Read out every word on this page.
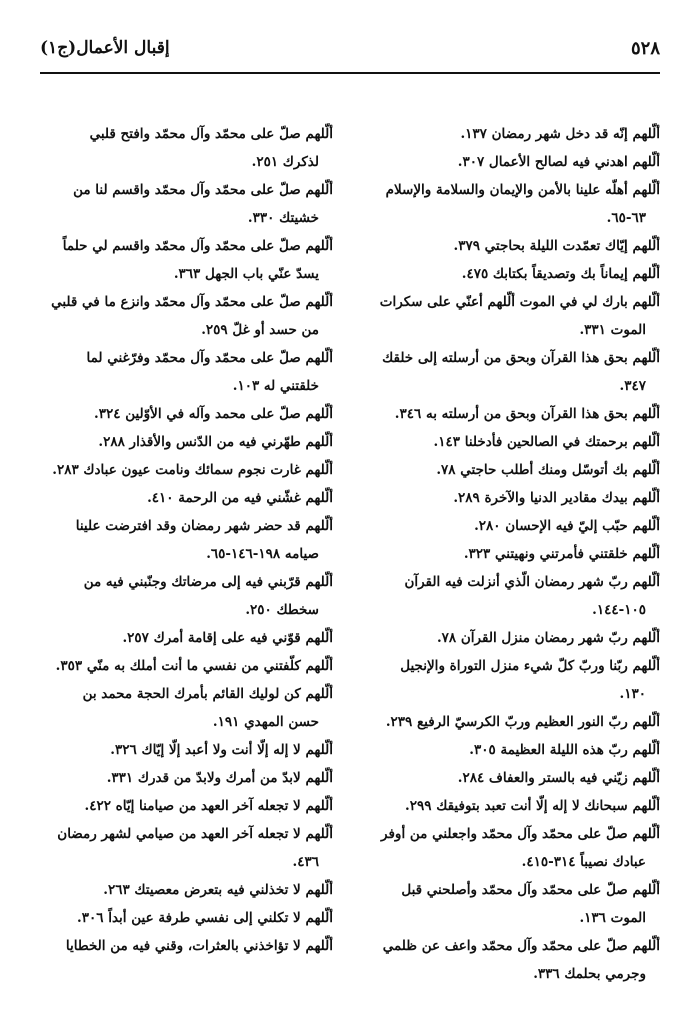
٥٢٨
إقبال الأعمال(ج١)

ألّلهم إنّه قد دخل شهر رمضان ١٣٧.

ألّلهم اهدني فيه لصالح الأعمال ٣٠٧.

ألّلهم أهلّه علينا بالأمن والإيمان والسلامة والإسلام ٦٣-٦٥.

ألّلهم إيّاك تعمّدت الليلة بحاجتي ٣٧٩.

ألّلهم إيماناً بك وتصديقاً بكتابك ٤٧٥.

ألّلهم بارك لي في الموت ألّلهم أعنّي على سكرات الموت ٣٣١.

ألّلهم بحق هذا القرآن وبحق من أرسلته إلى خلقك ٣٤٧.

ألّلهم بحق هذا القرآن وبحق من أرسلته به ٣٤٦.

ألّلهم برحمتك في الصالحين فأدخلنا ١٤٣.

ألّلهم بك أتوسّل ومنك أطلب حاجتي ٧٨.

ألّلهم بيدك مقادير الدنيا والآخرة ٢٨٩.

ألّلهم حبّب إليّ فيه الإحسان ٢٨٠.

ألّلهم خلقتني فأمرتني ونهيتني ٣٢٣.

ألّلهم ربّ شهر رمضان الّذي أنزلت فيه القرآن ١٠٥-١٤٤.

ألّلهم ربّ شهر رمضان منزل القرآن ٧٨.

ألّلهم ربّنا وربّ كلّ شيء منزل التوراة والإنجيل ١٣٠.

ألّلهم ربّ النور العظيم وربّ الكرسيّ الرفيع ٢٣٩.

ألّلهم ربّ هذه الليلة العظيمة ٣٠٥.

ألّلهم زيّني فيه بالستر والعفاف ٢٨٤.

ألّلهم سبحانك لا إله إلّا أنت تعبد بتوفيقك ٢٩٩.

ألّلهم صلّ على محمّد وآل محمّد واجعلني من أوفر عبادك نصيباً ٣١٤-٤١٥.

ألّلهم صلّ على محمّد وآل محمّد وأصلحني قبل الموت ١٣٦.

ألّلهم صلّ على محمّد وآل محمّد واعف عن ظلمي وجرمي بحلمك ٣٣٦.

ألّلهم صلّ على محمّد وآل محمّد وافتح قلبي لذكرك ٢٥١.

ألّلهم صلّ على محمّد وآل محمّد واقسم لنا من خشيتك ٣٣٠.

ألّلهم صلّ على محمّد وآل محمّد واقسم لي حلماً يسدّ عنّي باب الجهل ٣٦٣.

ألّلهم صلّ على محمّد وآل محمّد وانزع ما في قلبي من حسد أو غلّ ٢٥٩.

ألّلهم صلّ على محمّد وآل محمّد وفرّغني لما خلقتني له ١٠٣.

ألّلهم صلّ على محمد وآله في الأوّلين ٣٢٤.

ألّلهم طهّرني فيه من الدّنس والأقذار ٢٨٨.

ألّلهم غارت نجوم سمائك ونامت عيون عبادك ٢٨٣.

ألّلهم غشّني فيه من الرحمة ٤١٠.

ألّلهم قد حضر شهر رمضان وقد افترضت علينا صيامه ١٩٨-١٤٦-٦٥.

ألّلهم قرّبني فيه إلى مرضاتك وجنّبني فيه من سخطك ٢٥٠.

ألّلهم قوّني فيه على إقامة أمرك ٢٥٧.

ألّلهم كلّفتني من نفسي ما أنت أملك به منّي ٣٥٣.

ألّلهم كن لوليك القائم بأمرك الحجة محمد بن حسن المهدي ١٩١.

ألّلهم لا إله إلّا أنت ولا أعبد إلّا إيّاك ٣٢٦.

ألّلهم لابدّ من أمرك ولابدّ من قدرك ٣٣١.

ألّلهم لا تجعله آخر العهد من صيامنا إيّاه ٤٢٢.

ألّلهم لا تجعله آخر العهد من صيامي لشهر رمضان ٤٣٦.

ألّلهم لا تخذلني فيه بتعرض معصيتك ٢٦٣.

ألّلهم لا تكلني إلى نفسي طرفة عين أبداً ٣٠٦.

ألّلهم لا تؤاخذني بالعثرات، وقني فيه من الخطايا
